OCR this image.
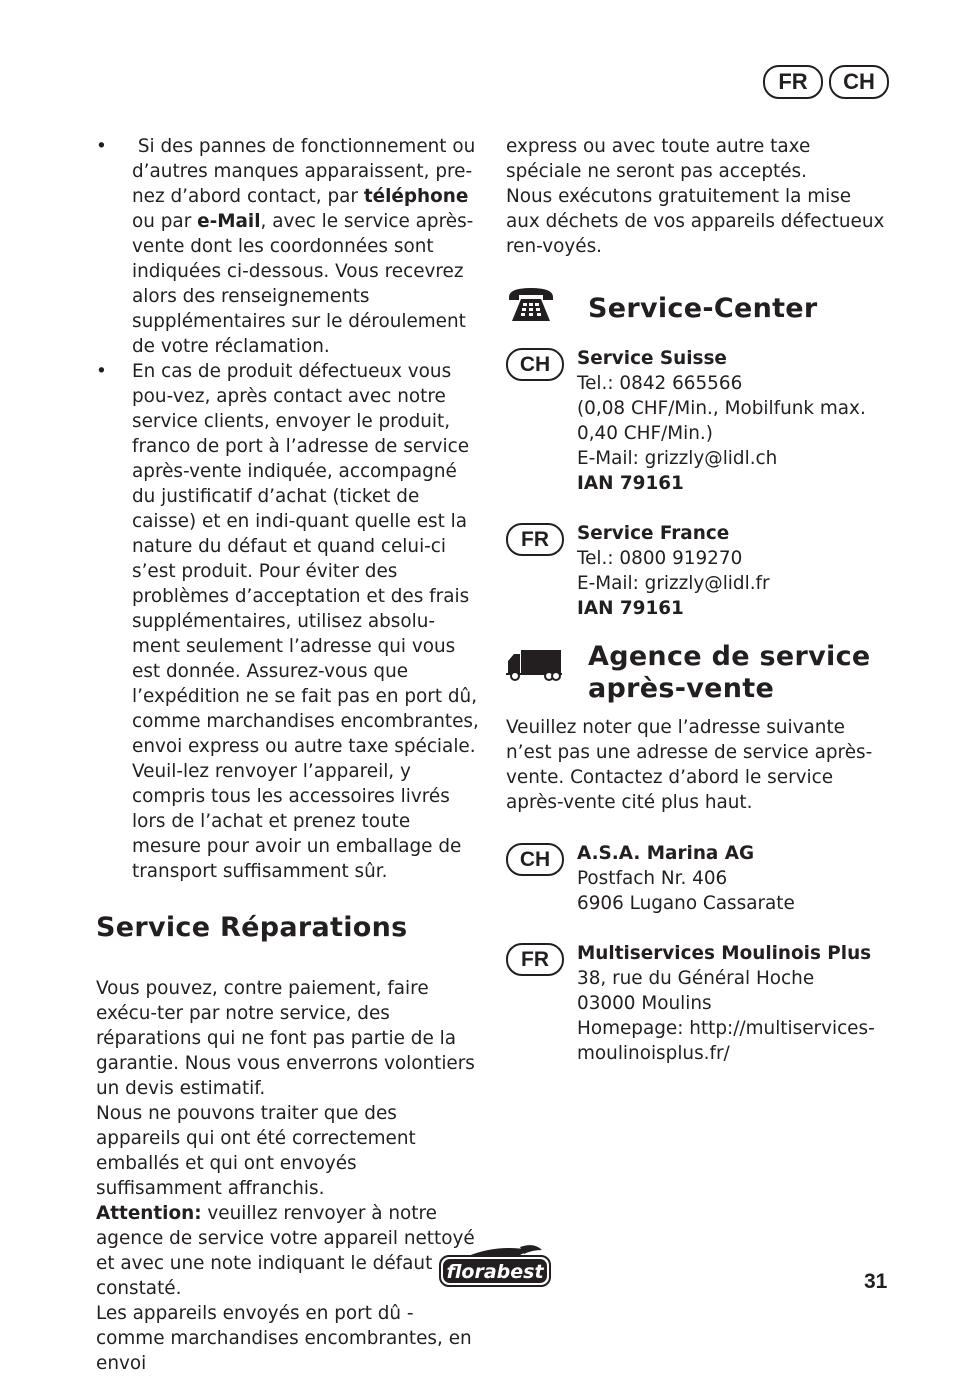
FR	CH
•	Si des pannes de fonctionnement ou d’autres manques apparaissent, pre-nez d’abord contact, par téléphone ou par e-Mail, avec le service après-vente dont les coordonnées sont indiquées ci-dessous. Vous recevrez alors des renseignements supplémentaires sur le déroulement de votre réclamation.

• En cas de produit défectueux vous pou-vez, après contact avec notre service clients, envoyer le produit, franco de port à l’adresse de service après-vente indiquée, accompagné du justificatif d’achat (ticket de caisse) et en indi-quant quelle est la nature du défaut et quand celui-ci s’est produit. Pour éviter des problèmes d’acceptation et des frais supplémentaires, utilisez absolu-ment seulement l’adresse qui vous est donnée. Assurez-vous que l’expédition ne se fait pas en port dû, comme marchandises encombrantes, envoi express ou autre taxe spéciale. Veuil-lez renvoyer l’appareil, y compris tous les accessoires livrés lors de l’achat et prenez toute mesure pour avoir un emballage de transport suffisamment sûr.

Service Réparations

Vous pouvez, contre paiement, faire exécu-ter par notre service, des réparations qui ne font pas partie de la garantie. Nous vous enverrons volontiers un devis estimatif.

Nous ne pouvons traiter que des appareils qui ont été correctement emballés et qui ont envoyés suffisamment affranchis.

Attention: veuillez renvoyer à notre agence de service votre appareil nettoyé et avec une note indiquant le défaut constaté.

Les appareils envoyés en port dû - comme marchandises encombrantes, en envoi

express ou avec toute autre taxe spéciale ne seront pas acceptés.

Nous exécutons gratuitement la mise aux déchets de vos appareils défectueux ren-voyés.

Service-Center
CH	Service Suisse

Tel.: 0842 665566

(0,08 CHF/Min., Mobilfunk max.

0,40 CHF/Min.)

E-Mail: grizzly@lidl.ch

IAN 79161

FR	Service France

Tel.: 0800 919270

E-Mail: grizzly@lidl.fr

IAN 79161

Agence de service
après-vente

Veuillez noter que l’adresse suivante n’est pas une adresse de service après-vente. Contactez d’abord le service après-vente cité plus haut.

CH	A.S.A. Marina AG

Postfach Nr. 406

6906 Lugano Cassarate

FR	Multiservices Moulinois Plus

38, rue du Général Hoche

03000 Moulins

Homepage: http://multiservices-

moulinoisplus.fr/

florabest	31
